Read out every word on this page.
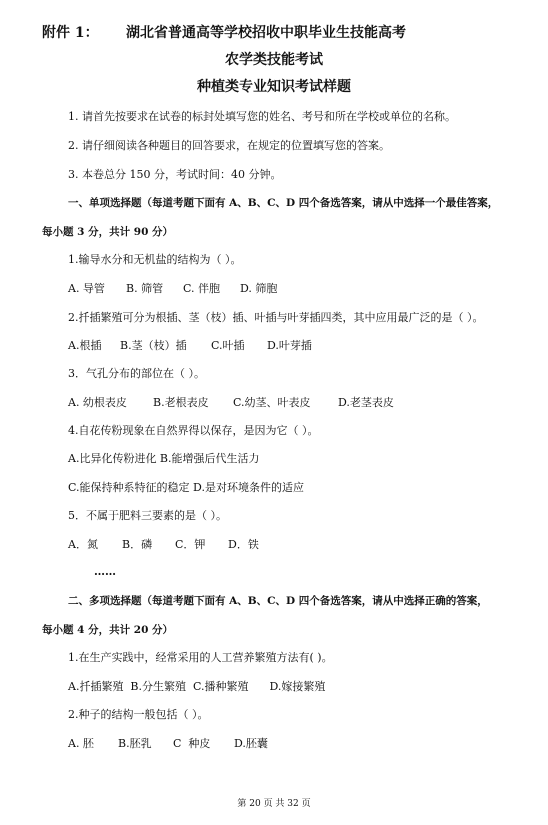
附件 1： 湖北省普通高等学校招收中职毕业生技能高考
农学类技能考试
种植类专业知识考试样题
1. 请首先按要求在试卷的标封处填写您的姓名、考号和所在学校或单位的名称。
2. 请仔细阅读各种题目的回答要求，在规定的位置填写您的答案。
3. 本卷总分 150 分，考试时间：40 分钟。
一、单项选择题（每道考题下面有 A、B、C、D 四个备选答案，请从中选择一个最佳答案，
每小题 3 分，共计 90 分）
1.输导水分和无机盐的结构为（ ）。
A. 导管 B. 筛管 C. 伴胞 D. 筛胞
2.扦插繁殖可分为根插、茎（枝）插、叶插与叶芽插四类，其中应用最广泛的是（ ）。
A.根插 B.茎（枝）插 C.叶插 D.叶芽插
3．气孔分布的部位在（ ）。
A. 幼根表皮 B.老根表皮 C.幼茎、叶表皮 D.老茎表皮
4.自花传粉现象在自然界得以保存，是因为它（ ）。
A.比异化传粉进化 B.能增强后代生活力
C.能保持种系特征的稳定 D.是对环境条件的适应
5．不属于肥料三要素的是（ ）。
A．氮 B．磷 C．钾 D．铁
……
二、多项选择题（每道考题下面有 A、B、C、D 四个备选答案，请从中选择正确的答案，
每小题 4 分，共计 20 分）
1.在生产实践中，经常采用的人工营养繁殖方法有( )。
A.扦插繁殖  B.分生繁殖  C.播种繁殖      D.嫁接繁殖
2.种子的结构一般包括（ ）。
A. 胚 B.胚乳 C  种皮 D.胚囊
第 20 页 共 32 页
